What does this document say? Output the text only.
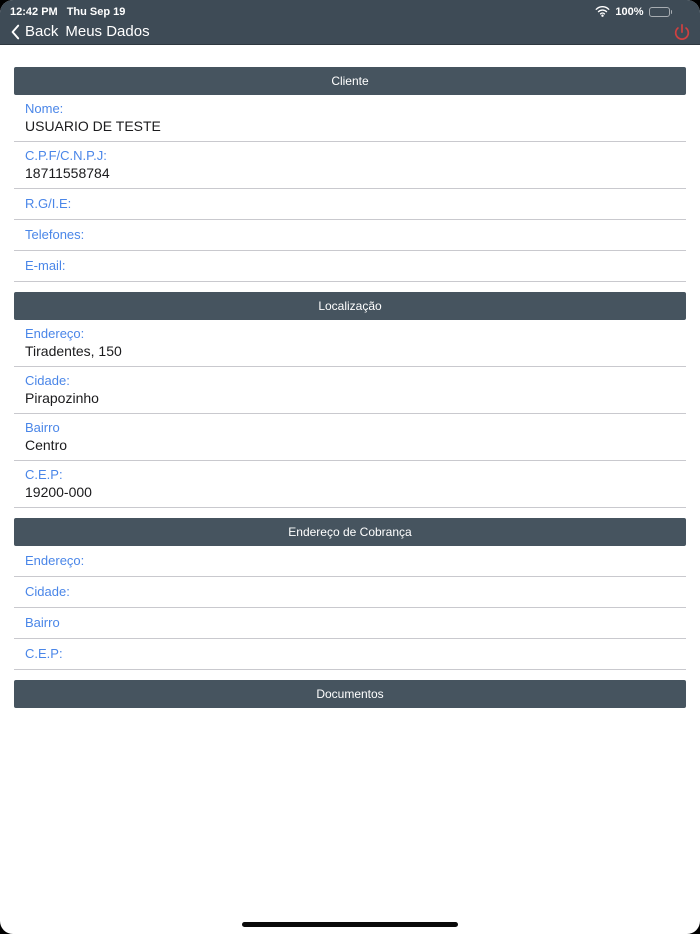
12:42 PM Thu Sep 19	100%
Back Meus Dados
Cliente
Nome:
USUARIO DE TESTE
C.P.F/C.N.P.J:
18711558784
R.G/I.E:
Telefones:
E-mail:
Localização
Endereço:
Tiradentes, 150
Cidade:
Pirapozinho
Bairro
Centro
C.E.P:
19200-000
Endereço de Cobrança
Endereço:
Cidade:
Bairro
C.E.P:
Documentos
